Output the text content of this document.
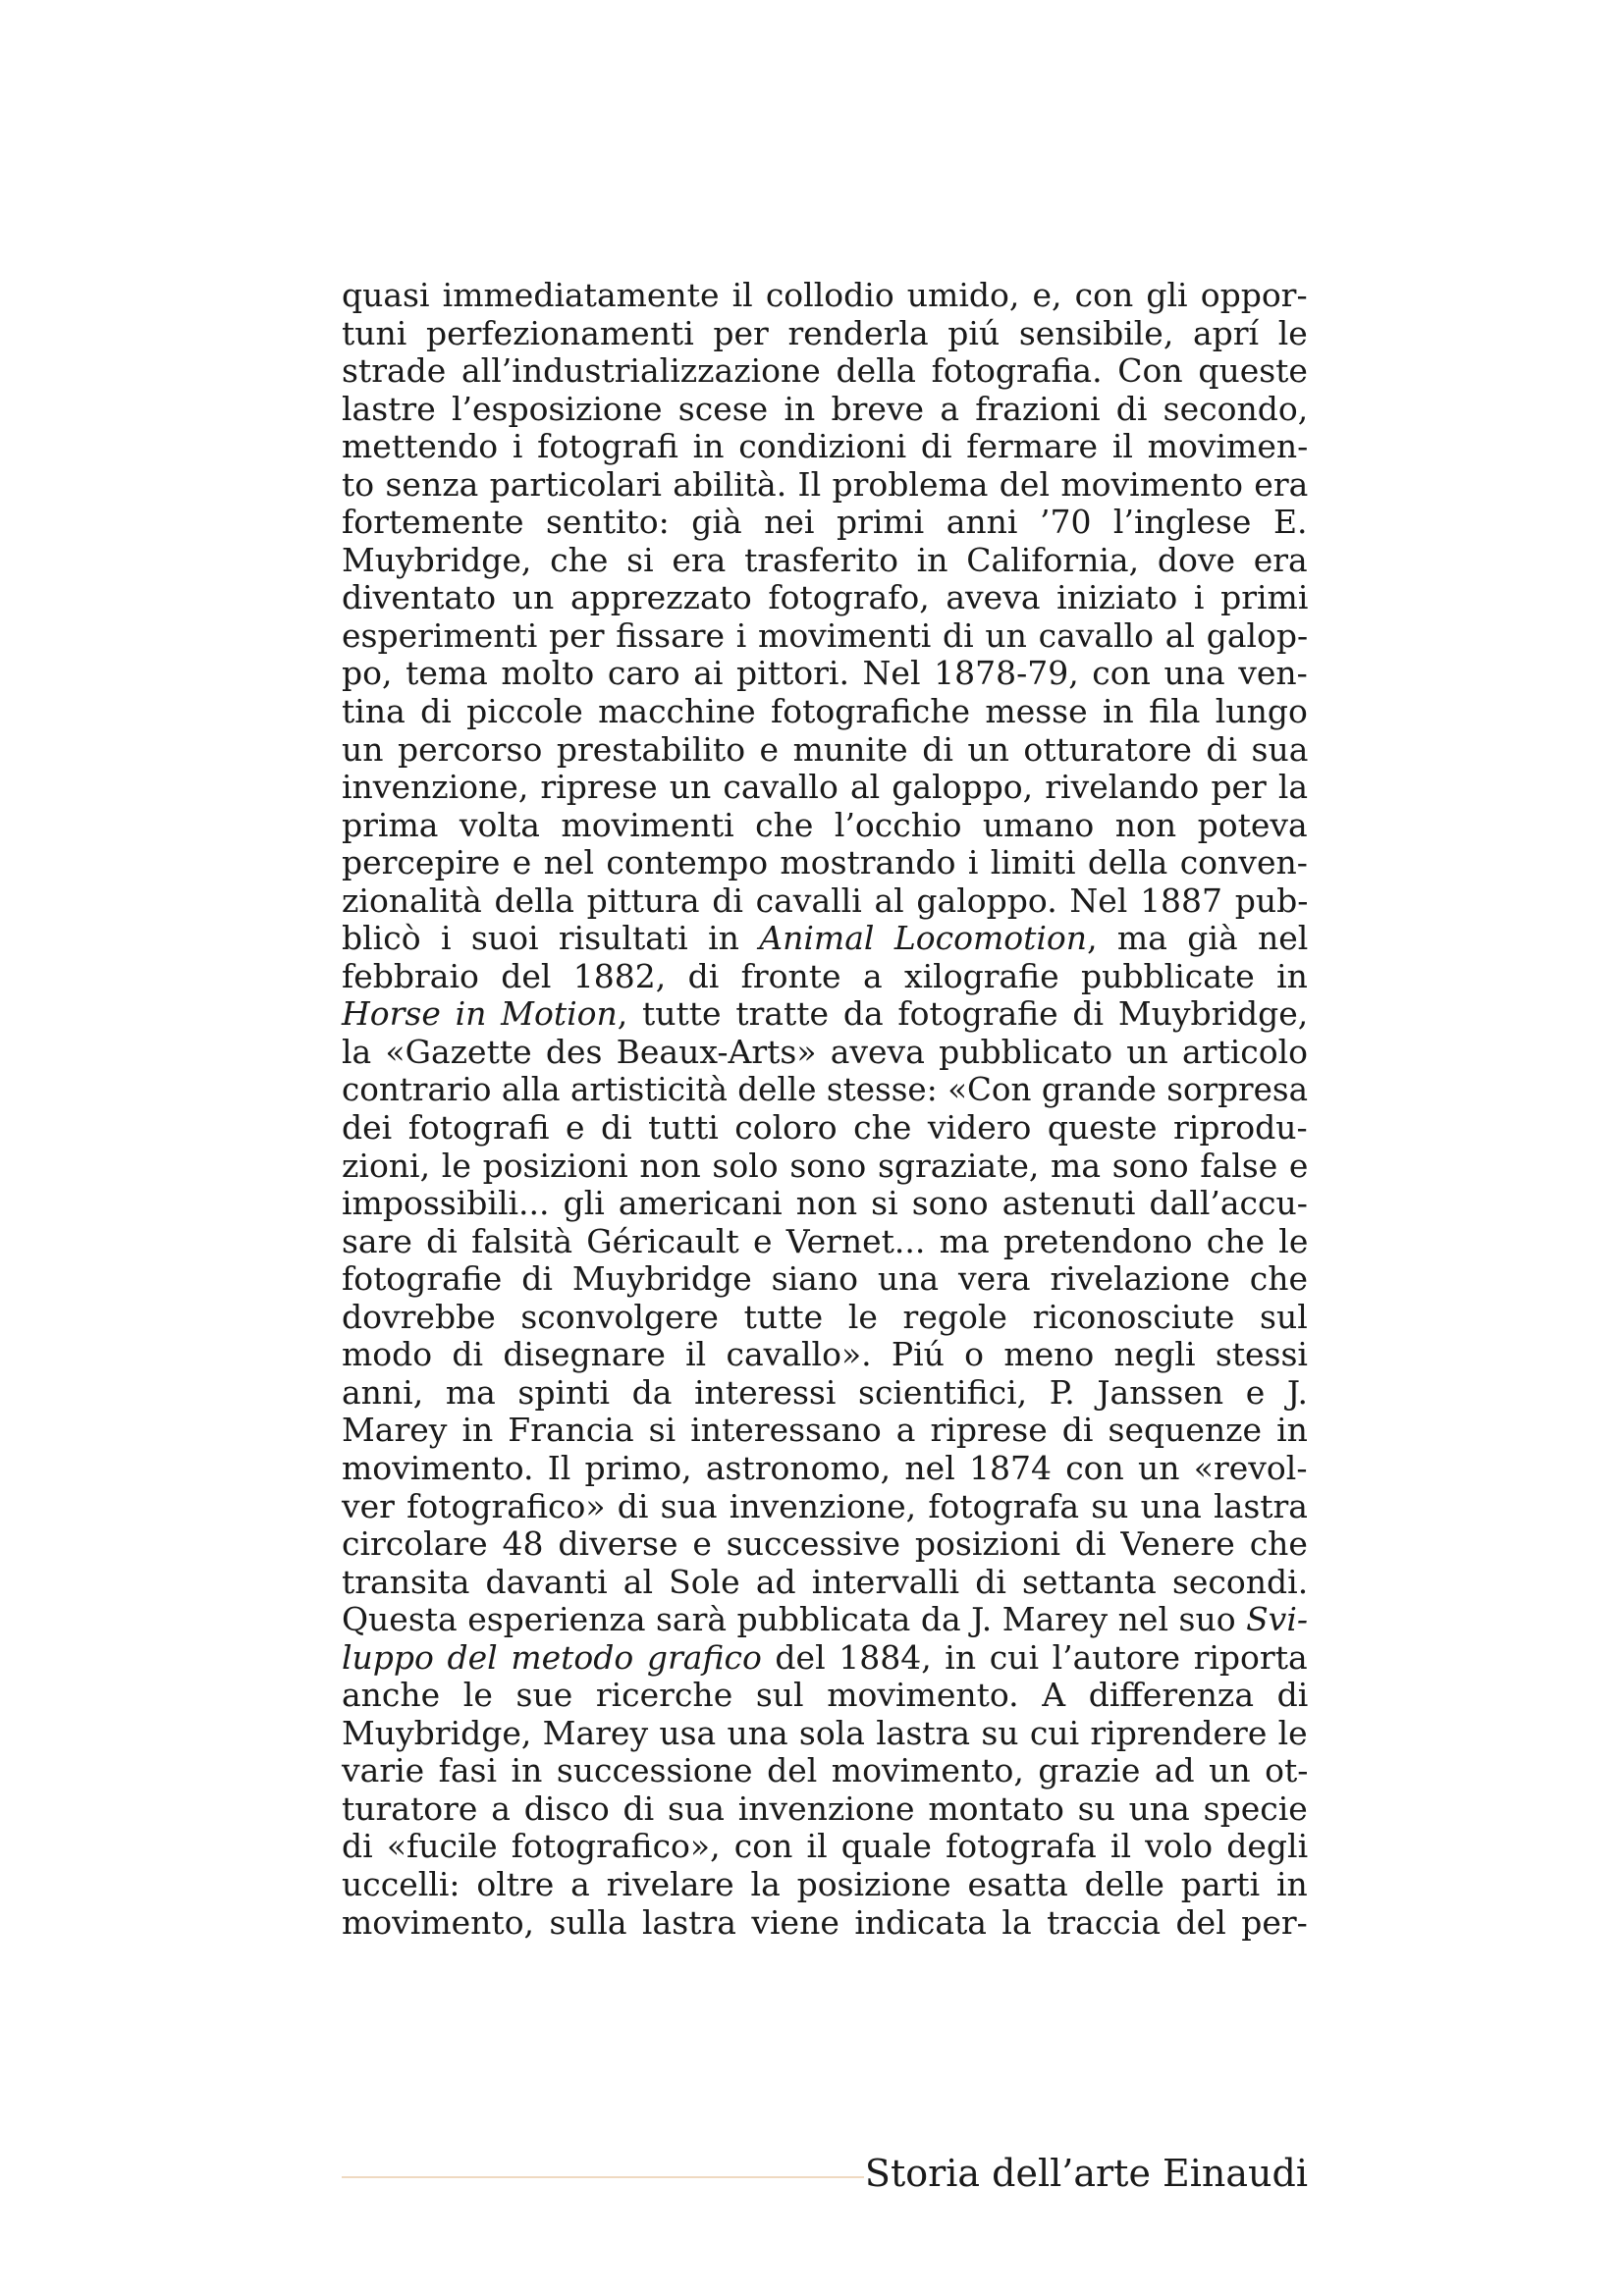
quasi immediatamente il collodio umido, e, con gli oppor-
tuni perfezionamenti per renderla piú sensibile, aprí le
strade all’industrializzazione della fotografia. Con queste
lastre l’esposizione scese in breve a frazioni di secondo,
mettendo i fotografi in condizioni di fermare il movimen-
to senza particolari abilità. Il problema del movimento era
fortemente sentito: già nei primi anni ’70 l’inglese E.
Muybridge, che si era trasferito in California, dove era
diventato un apprezzato fotografo, aveva iniziato i primi
esperimenti per fissare i movimenti di un cavallo al galop-
po, tema molto caro ai pittori. Nel 1878-79, con una ven-
tina di piccole macchine fotografiche messe in fila lungo
un percorso prestabilito e munite di un otturatore di sua
invenzione, riprese un cavallo al galoppo, rivelando per la
prima volta movimenti che l’occhio umano non poteva
percepire e nel contempo mostrando i limiti della conven-
zionalità della pittura di cavalli al galoppo. Nel 1887 pub-
blicò i suoi risultati in Animal Locomotion, ma già nel
febbraio del 1882, di fronte a xilografie pubblicate in
Horse in Motion, tutte tratte da fotografie di Muybridge,
la «Gazette des Beaux-Arts» aveva pubblicato un articolo
contrario alla artisticità delle stesse: «Con grande sorpresa
dei fotografi e di tutti coloro che videro queste riprodu-
zioni, le posizioni non solo sono sgraziate, ma sono false e
impossibili... gli americani non si sono astenuti dall’accu-
sare di falsità Géricault e Vernet... ma pretendono che le
fotografie di Muybridge siano una vera rivelazione che
dovrebbe sconvolgere tutte le regole riconosciute sul
modo di disegnare il cavallo». Piú o meno negli stessi
anni, ma spinti da interessi scientifici, P. Janssen e J.
Marey in Francia si interessano a riprese di sequenze in
movimento. Il primo, astronomo, nel 1874 con un «revol-
ver fotografico» di sua invenzione, fotografa su una lastra
circolare 48 diverse e successive posizioni di Venere che
transita davanti al Sole ad intervalli di settanta secondi.
Questa esperienza sarà pubblicata da J. Marey nel suo Svi-
luppo del metodo grafico del 1884, in cui l’autore riporta
anche le sue ricerche sul movimento. A differenza di
Muybridge, Marey usa una sola lastra su cui riprendere le
varie fasi in successione del movimento, grazie ad un ot-
turatore a disco di sua invenzione montato su una specie
di «fucile fotografico», con il quale fotografa il volo degli
uccelli: oltre a rivelare la posizione esatta delle parti in
movimento, sulla lastra viene indicata la traccia del per-
Storia dell’arte Einaudi
